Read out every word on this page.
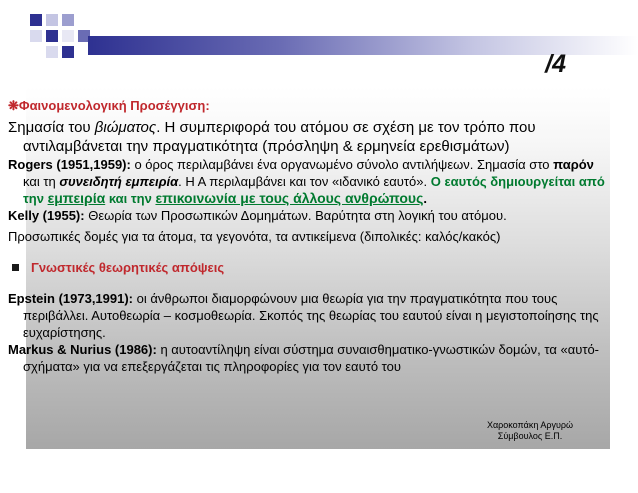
/4

❋Φαινομενολογική Προσέγγιση:

Σημασία του βιώματος. Η συμπεριφορά του ατόμου σε σχέση με τον τρόπο που αντιλαμβάνεται την πραγματικότητα (πρόσληψη & ερμηνεία ερεθισμάτων)

Rogers (1951,1959): ο όρος περιλαμβάνει ένα οργανωμένο σύνολο αντιλήψεων. Σημασία στο παρόν και τη συνειδητή εμπειρία. Η Α περιλαμβάνει και τον «ιδανικό εαυτό». Ο εαυτός δημιουργείται από την εμπειρία και την επικοινωνία με τους άλλους ανθρώπους.

Kelly (1955): Θεωρία των Προσωπικών Δομημάτων. Βαρύτητα στη λογική του ατόμου.

Προσωπικές δομές για τα άτομα, τα γεγονότα, τα αντικείμενα (διπολικές: καλός/κακός)

Γνωστικές θεωρητικές απόψεις

Epstein (1973,1991): οι άνθρωποι διαμορφώνουν μια θεωρία για την πραγματικότητα που τους περιβάλλει. Αυτοθεωρία – κοσμοθεωρία. Σκοπός της θεωρίας του εαυτού είναι η μεγιστοποίησης της ευχαρίστησης.

Markus & Nurius (1986): η αυτοαντίληψη είναι σύστημα συναισθηματικο-γνωστικών δομών, τα «αυτό-σχήματα» για να επεξεργάζεται τις πληροφορίες για τον εαυτό του

Χαροκοπάκη Αργυρώ
Σύμβουλος Ε.Π.
